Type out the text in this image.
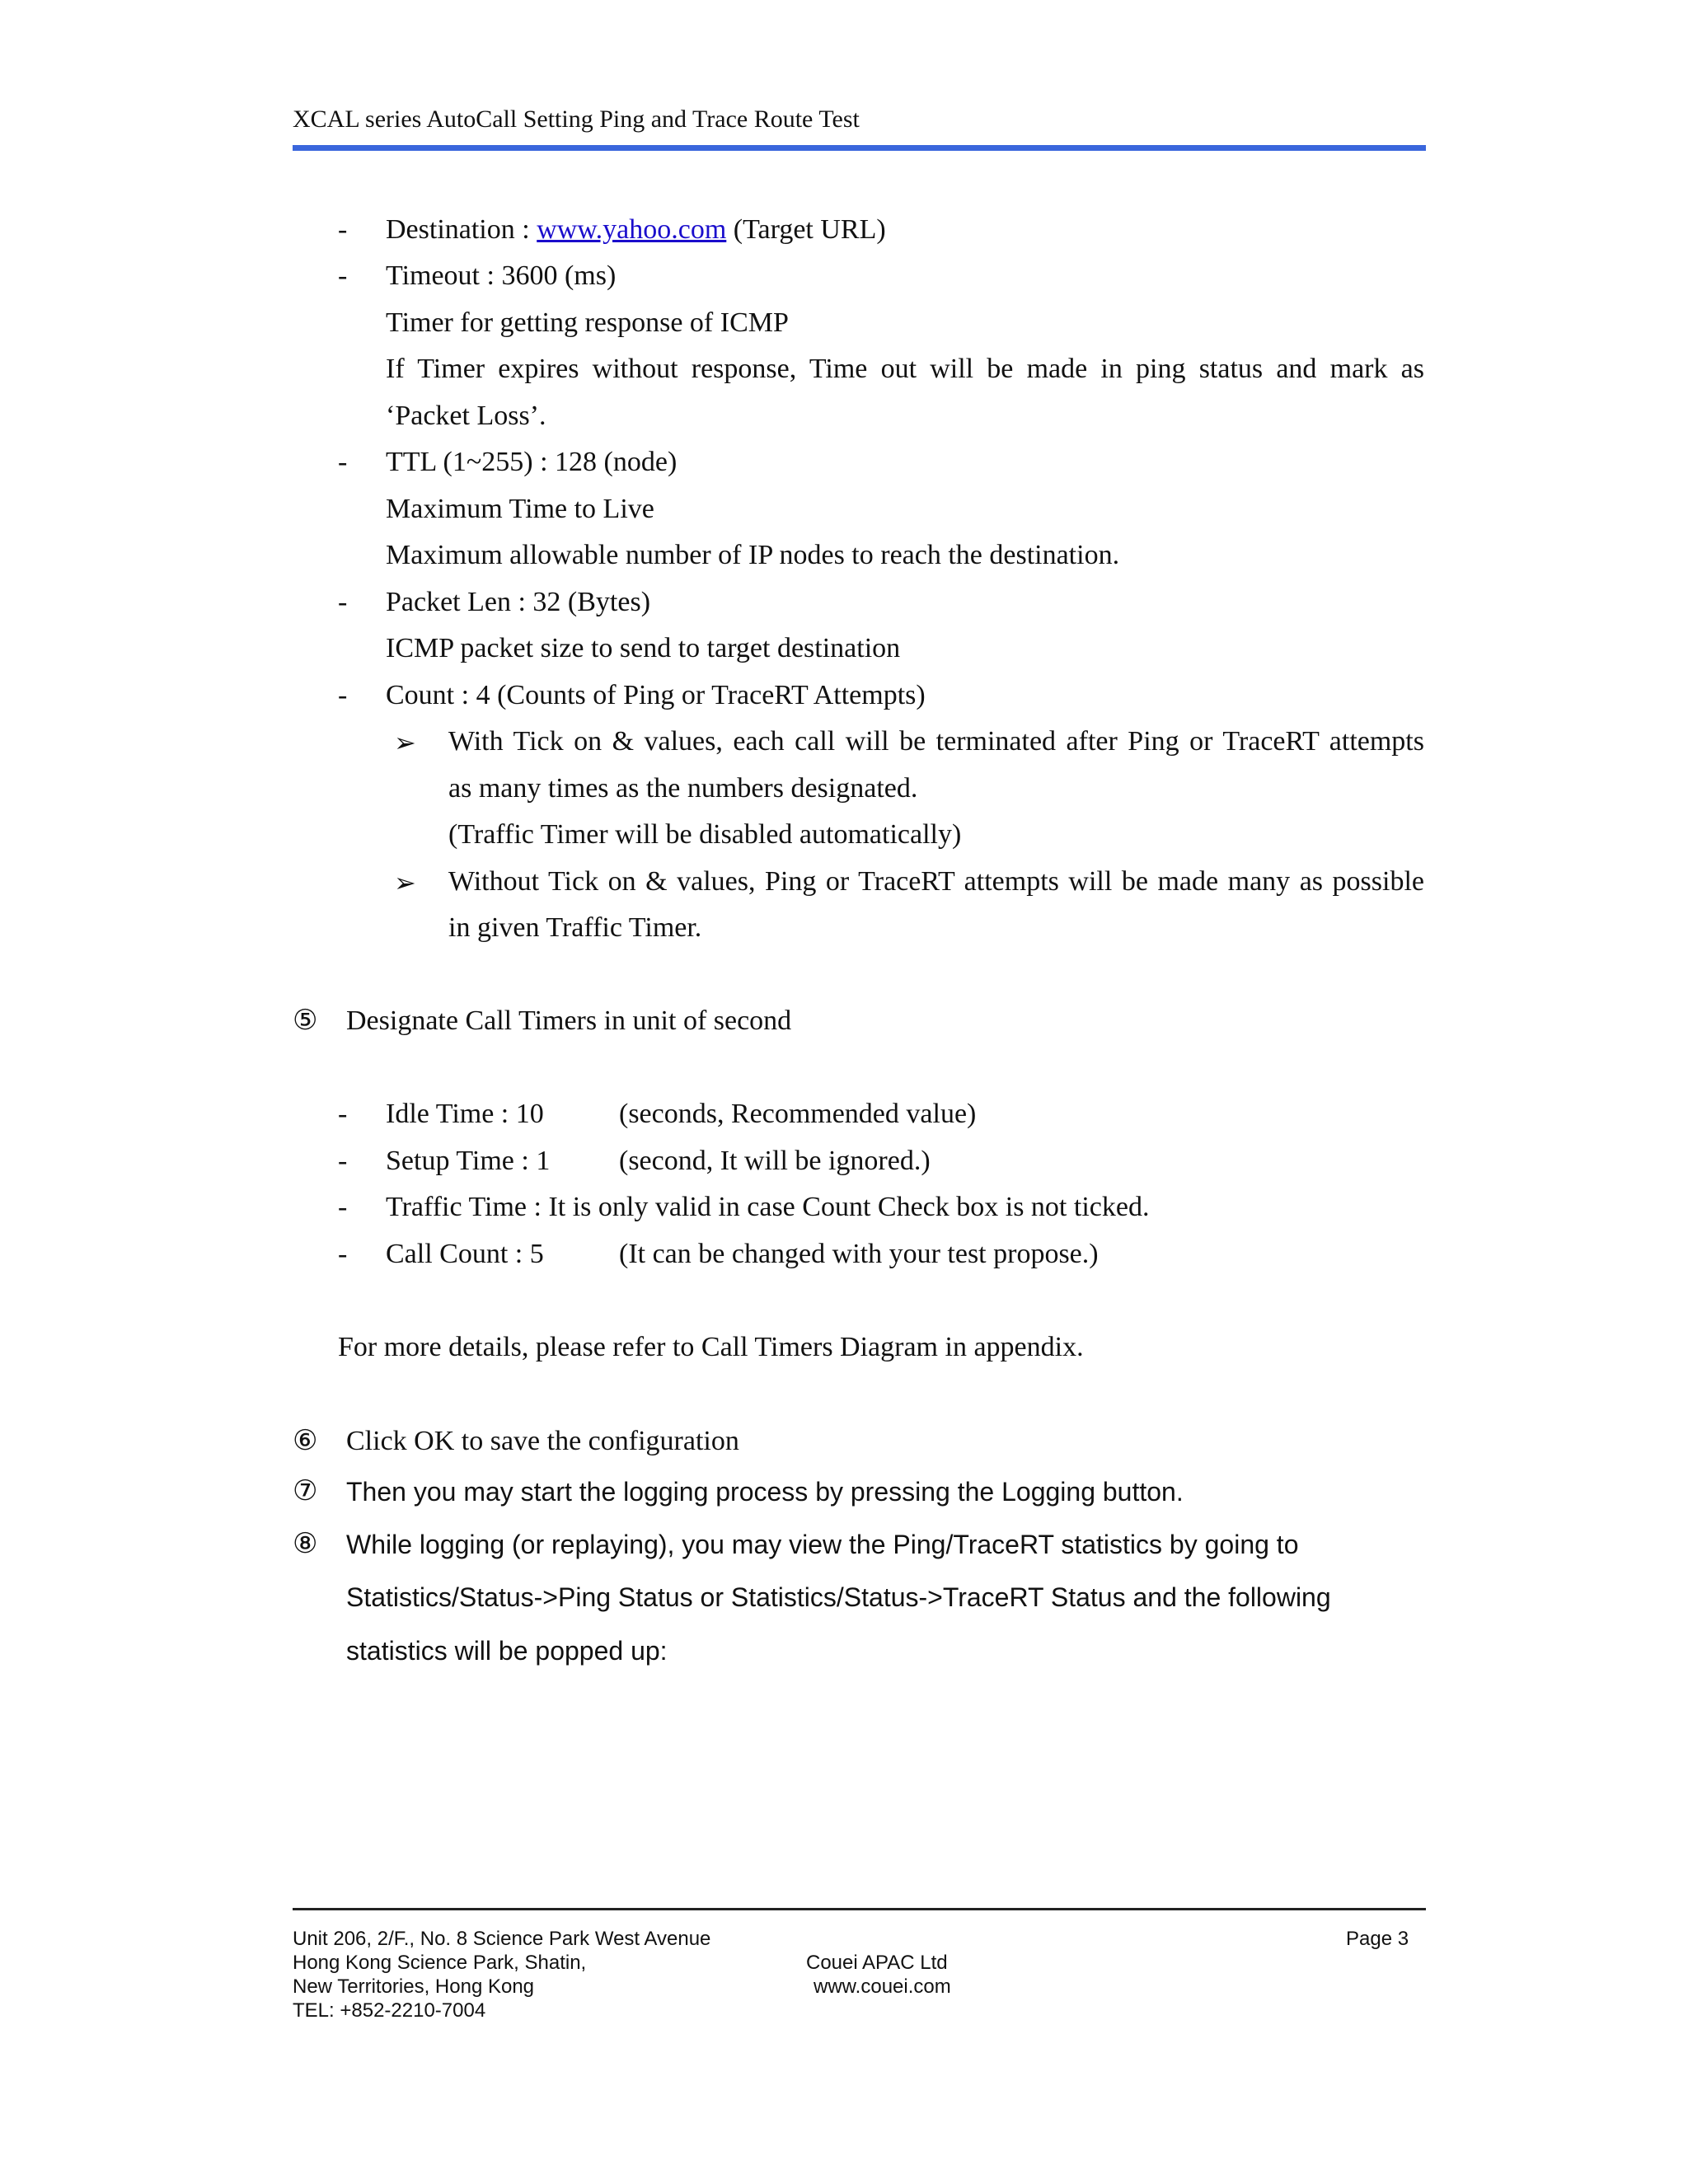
XCAL series AutoCall Setting Ping and Trace Route Test
- Destination : www.yahoo.com (Target URL)
- Timeout : 3600 (ms)
Timer for getting response of ICMP
If Timer expires without response, Time out will be made in ping status and mark as
‘Packet Loss’.
- TTL (1~255) : 128 (node)
Maximum Time to Live
Maximum allowable number of IP nodes to reach the destination.
- Packet Len : 32 (Bytes)
ICMP packet size to send to target destination
- Count : 4 (Counts of Ping or TraceRT Attempts)
➢ With Tick on & values, each call will be terminated after Ping or TraceRT attempts
as many times as the numbers designated.
(Traffic Timer will be disabled automatically)
➢ Without Tick on & values, Ping or TraceRT attempts will be made many as possible
in given Traffic Timer.
⑤ Designate Call Timers in unit of second
- Idle Time : 10	(seconds, Recommended value)
- Setup Time : 1 (second, It will be ignored.)
- Traffic Time : It is only valid in case Count Check box is not ticked.
- Call Count : 5	(It can be changed with your test propose.)
For more details, please refer to Call Timers Diagram in appendix.
⑥ Click OK to save the configuration
⑦ Then you may start the logging process by pressing the Logging button.
⑧ While logging (or replaying), you may view the Ping/TraceRT statistics by going to
Statistics/Status->Ping Status or Statistics/Status->TraceRT Status and the following
statistics will be popped up:
Unit 206, 2/F., No. 8 Science Park West Avenue
Hong Kong Science Park, Shatin,
New Territories, Hong Kong
TEL: +852-2210-7004
Couei APAC Ltd
www.couei.com
Page 3
